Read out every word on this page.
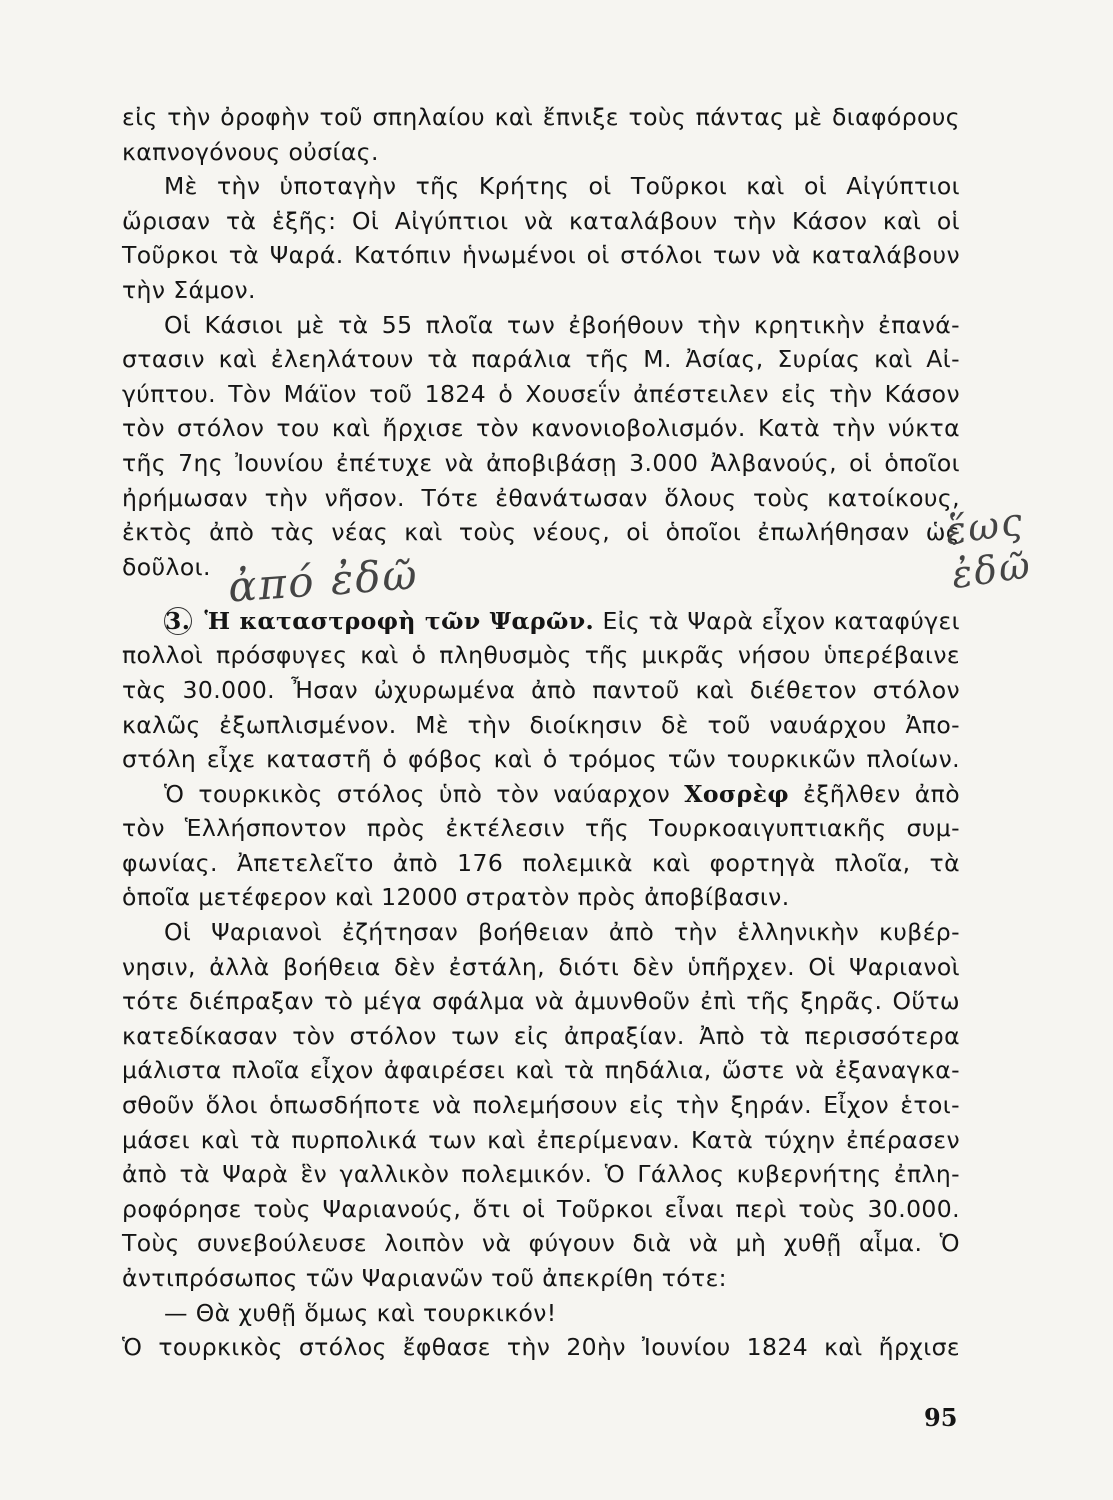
εἰς τὴν ὀροφὴν τοῦ σπηλαίου καὶ ἔπνιξε τοὺς πάντας μὲ διαφόρους
καπνογόνους οὐσίας.
Μὲ τὴν ὑποταγὴν τῆς Κρήτης οἱ Τοῦρκοι καὶ οἱ Αἰγύπτιοι
ὥρισαν τὰ ἑξῆς: Οἱ Αἰγύπτιοι νὰ καταλάβουν τὴν Κάσον καὶ οἱ
Τοῦρκοι τὰ Ψαρά. Κατόπιν ἡνωμένοι οἱ στόλοι των νὰ καταλάβουν
τὴν Σάμον.
Οἱ Κάσιοι μὲ τὰ 55 πλοῖα των ἐβοήθουν τὴν κρητικὴν ἐπανά-
στασιν καὶ ἐλεηλάτουν τὰ παράλια τῆς Μ. Ἀσίας, Συρίας καὶ Αἰ-
γύπτου. Τὸν Μάϊον τοῦ 1824 ὁ Χουσεΐν ἀπέστειλεν εἰς τὴν Κάσον
τὸν στόλον του καὶ ἤρχισε τὸν κανονιοβολισμόν. Κατὰ τὴν νύκτα
τῆς 7ης Ἰουνίου ἐπέτυχε νὰ ἀποβιβάσῃ 3.000 Ἀλβανούς, οἱ ὁποῖοι
ἠρήμωσαν τὴν νῆσον. Τότε ἐθανάτωσαν ὅλους τοὺς κατοίκους,
ἐκτὸς ἀπὸ τὰς νέας καὶ τοὺς νέους, οἱ ὁποῖοι ἐπωλήθησαν ὡς δοῦλοι.
3. Ἡ καταστροφὴ τῶν Ψαρῶν. Εἰς τὰ Ψαρὰ εἶχον καταφύγει
πολλοὶ πρόσφυγες καὶ ὁ πληθυσμὸς τῆς μικρᾶς νήσου ὑπερέβαινε
τὰς 30.000. Ἦσαν ὠχυρωμένα ἀπὸ παντοῦ καὶ διέθετον στόλον
καλῶς ἐξωπλισμένον. Μὲ τὴν διοίκησιν δὲ τοῦ ναυάρχου Ἀπο-
στόλη εἶχε καταστῆ ὁ φόβος καὶ ὁ τρόμος τῶν τουρκικῶν πλοίων.
Ὁ τουρκικὸς στόλος ὑπὸ τὸν ναύαρχον Χοσρὲφ ἐξῆλθεν ἀπὸ
τὸν Ἑλλήσποντον πρὸς ἐκτέλεσιν τῆς Τουρκοαιγυπτιακῆς συμ-
φωνίας. Ἀπετελεῖτο ἀπὸ 176 πολεμικὰ καὶ φορτηγὰ πλοῖα, τὰ
ὁποῖα μετέφερον καὶ 12000 στρατὸν πρὸς ἀποβίβασιν.
Οἱ Ψαριανοὶ ἐζήτησαν βοήθειαν ἀπὸ τὴν ἑλληνικὴν κυβέρ-
νησιν, ἀλλὰ βοήθεια δὲν ἐστάλη, διότι δὲν ὑπῆρχεν. Οἱ Ψαριανοὶ
τότε διέπραξαν τὸ μέγα σφάλμα νὰ ἀμυνθοῦν ἐπὶ τῆς ξηρᾶς. Οὕτω
κατεδίκασαν τὸν στόλον των εἰς ἀπραξίαν. Ἀπὸ τὰ περισσότερα
μάλιστα πλοῖα εἶχον ἀφαιρέσει καὶ τὰ πηδάλια, ὥστε νὰ ἐξαναγκα-
σθοῦν ὅλοι ὁπωσδήποτε νὰ πολεμήσουν εἰς τὴν ξηράν. Εἶχον ἑτοι-
μάσει καὶ τὰ πυρπολικά των καὶ ἐπερίμεναν. Κατὰ τύχην ἐπέρασεν
ἀπὸ τὰ Ψαρὰ ἓν γαλλικὸν πολεμικόν. Ὁ Γάλλος κυβερνήτης ἐπλη-
ροφόρησε τοὺς Ψαριανούς, ὅτι οἱ Τοῦρκοι εἶναι περὶ τοὺς 30.000.
Τοὺς συνεβούλευσε λοιπὸν νὰ φύγουν διὰ νὰ μὴ χυθῇ αἷμα. Ὁ
ἀντιπρόσωπος τῶν Ψαριανῶν τοῦ ἀπεκρίθη τότε:
— Θὰ χυθῇ ὅμως καὶ τουρκικόν!
Ὁ τουρκικὸς στόλος ἔφθασε τὴν 20ὴν Ἰουνίου 1824 καὶ ἤρχισε
ἕως ἐδῶ
ἀπό ἐδῶ
95
